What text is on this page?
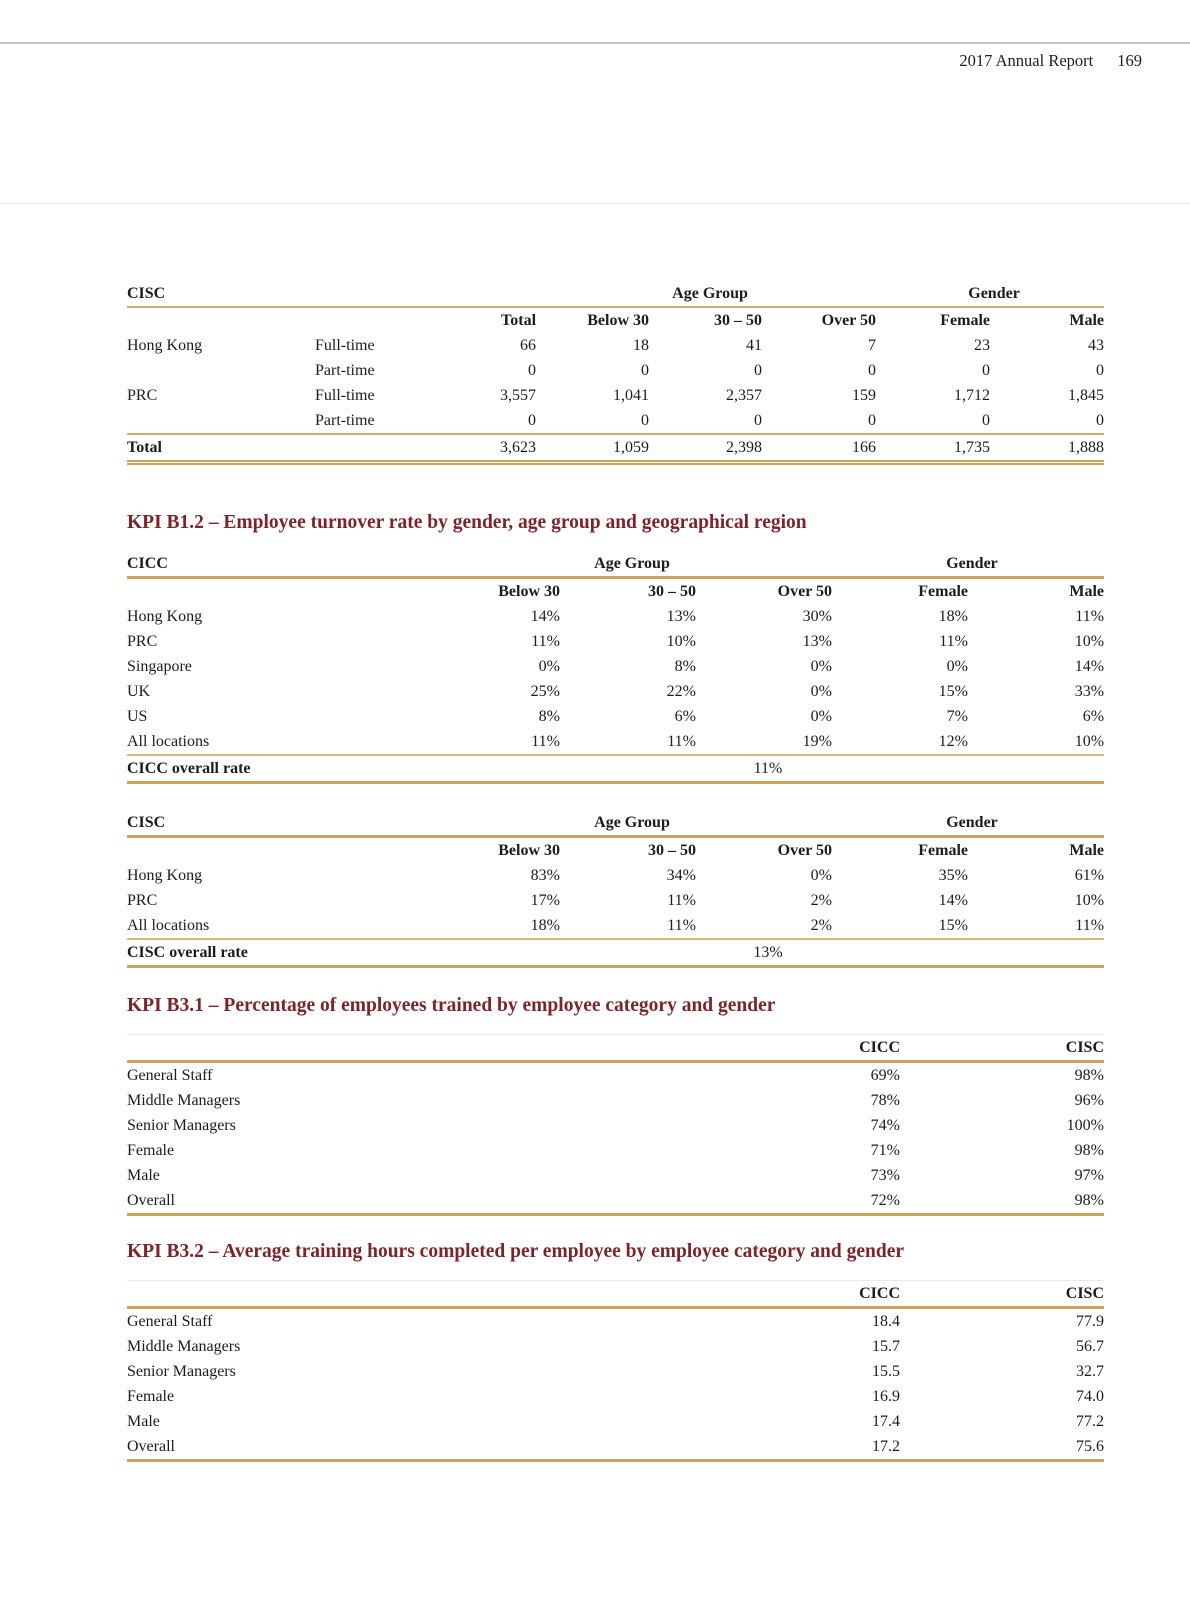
2017 Annual Report 169
CISC			Age Group			Gender	
		Total	Below 30	30 – 50	Over 50	Female	Male
Hong Kong	Full-time	66	18	41	7	23	43
	Part-time	0	0	0	0	0	0
PRC	Full-time	3,557	1,041	2,357	159	1,712	1,845
	Part-time	0	0	0	0	0	0
Total		3,623	1,059	2,398	166	1,735	1,888
KPI B1.2 – Employee turnover rate by gender, age group and geographical region
CICC	Age Group			Gender	
	Below 30	30 – 50	Over 50	Female	Male
Hong Kong	14%	13%	30%	18%	11%
PRC	11%	10%	13%	11%	10%
Singapore	0%	8%	0%	0%	14%
UK	25%	22%	0%	15%	33%
US	8%	6%	0%	7%	6%
All locations	11%	11%	19%	12%	10%
CICC overall rate	11%				
CISC	Age Group			Gender	
	Below 30	30 – 50	Over 50	Female	Male
Hong Kong	83%	34%	0%	35%	61%
PRC	17%	11%	2%	14%	10%
All locations	18%	11%	2%	15%	11%
CISC overall rate	13%				
KPI B3.1 – Percentage of employees trained by employee category and gender
	CICC	CISC
General Staff	69%	98%
Middle Managers	78%	96%
Senior Managers	74%	100%
Female	71%	98%
Male	73%	97%
Overall	72%	98%
KPI B3.2 – Average training hours completed per employee by employee category and gender
	CICC	CISC
General Staff	18.4	77.9
Middle Managers	15.7	56.7
Senior Managers	15.5	32.7
Female	16.9	74.0
Male	17.4	77.2
Overall	17.2	75.6
